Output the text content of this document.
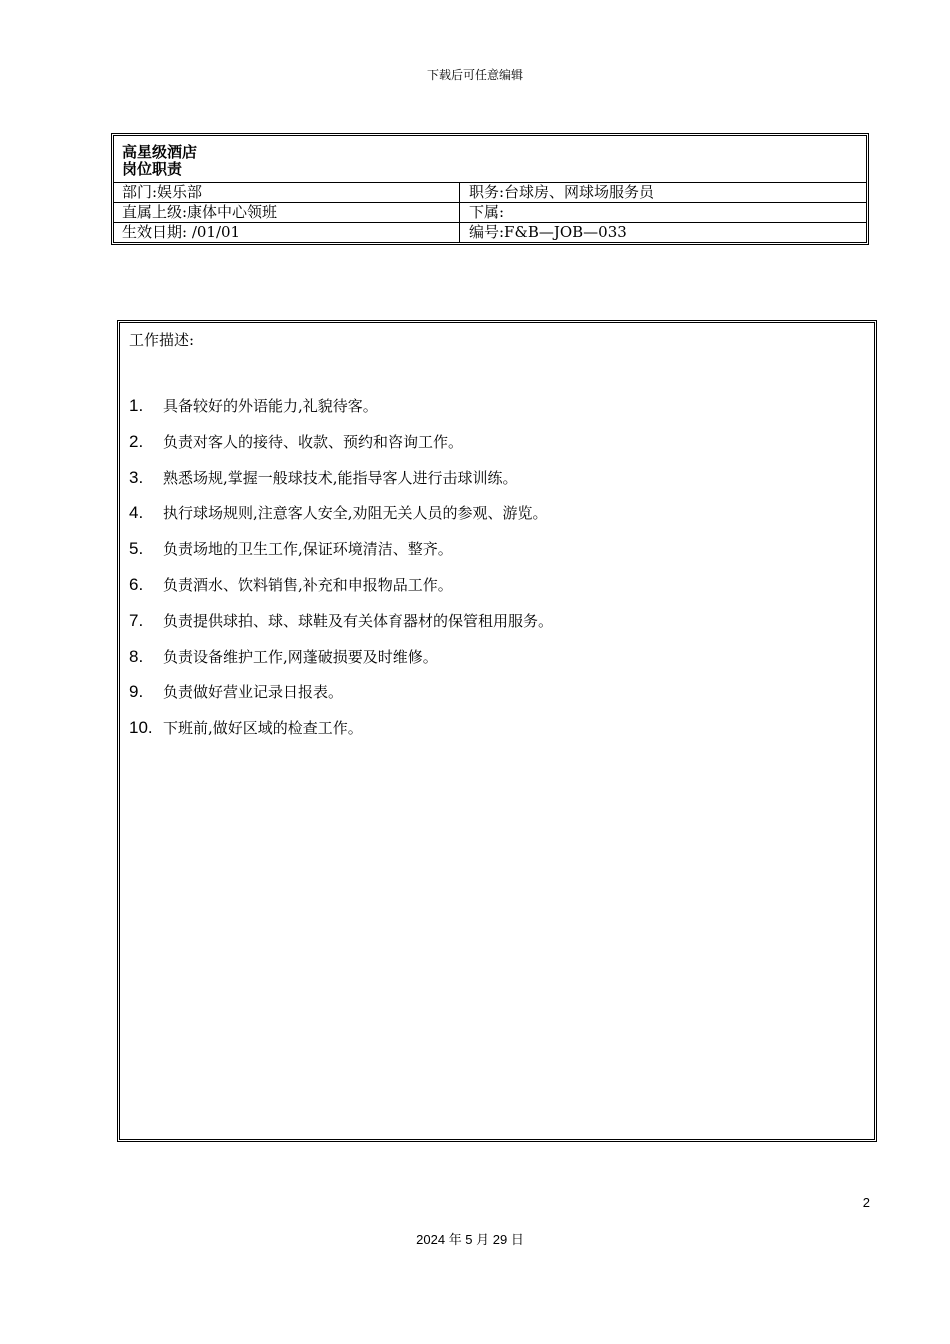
下载后可任意编辑
高星级酒店
岗位职责
部门:娱乐部	职务:台球房、网球场服务员
直属上级:康体中心领班	下属:
生效日期: /01/01	编号:F&B—JOB—033
工作描述:
1.	具备较好的外语能力,礼貌待客。
2.	负责对客人的接待、收款、预约和咨询工作。
3.	熟悉场规,掌握一般球技术,能指导客人进行击球训练。
4.	执行球场规则,注意客人安全,劝阻无关人员的参观、游览。
5.	负责场地的卫生工作,保证环境清洁、整齐。
6.	负责酒水、饮料销售,补充和申报物品工作。
7.	负责提供球拍、球、球鞋及有关体育器材的保管租用服务。
8.	负责设备维护工作,网蓬破损要及时维修。
9.	负责做好营业记录日报表。
10. 下班前,做好区域的检查工作。
2
2024 年 5 月 29 日
